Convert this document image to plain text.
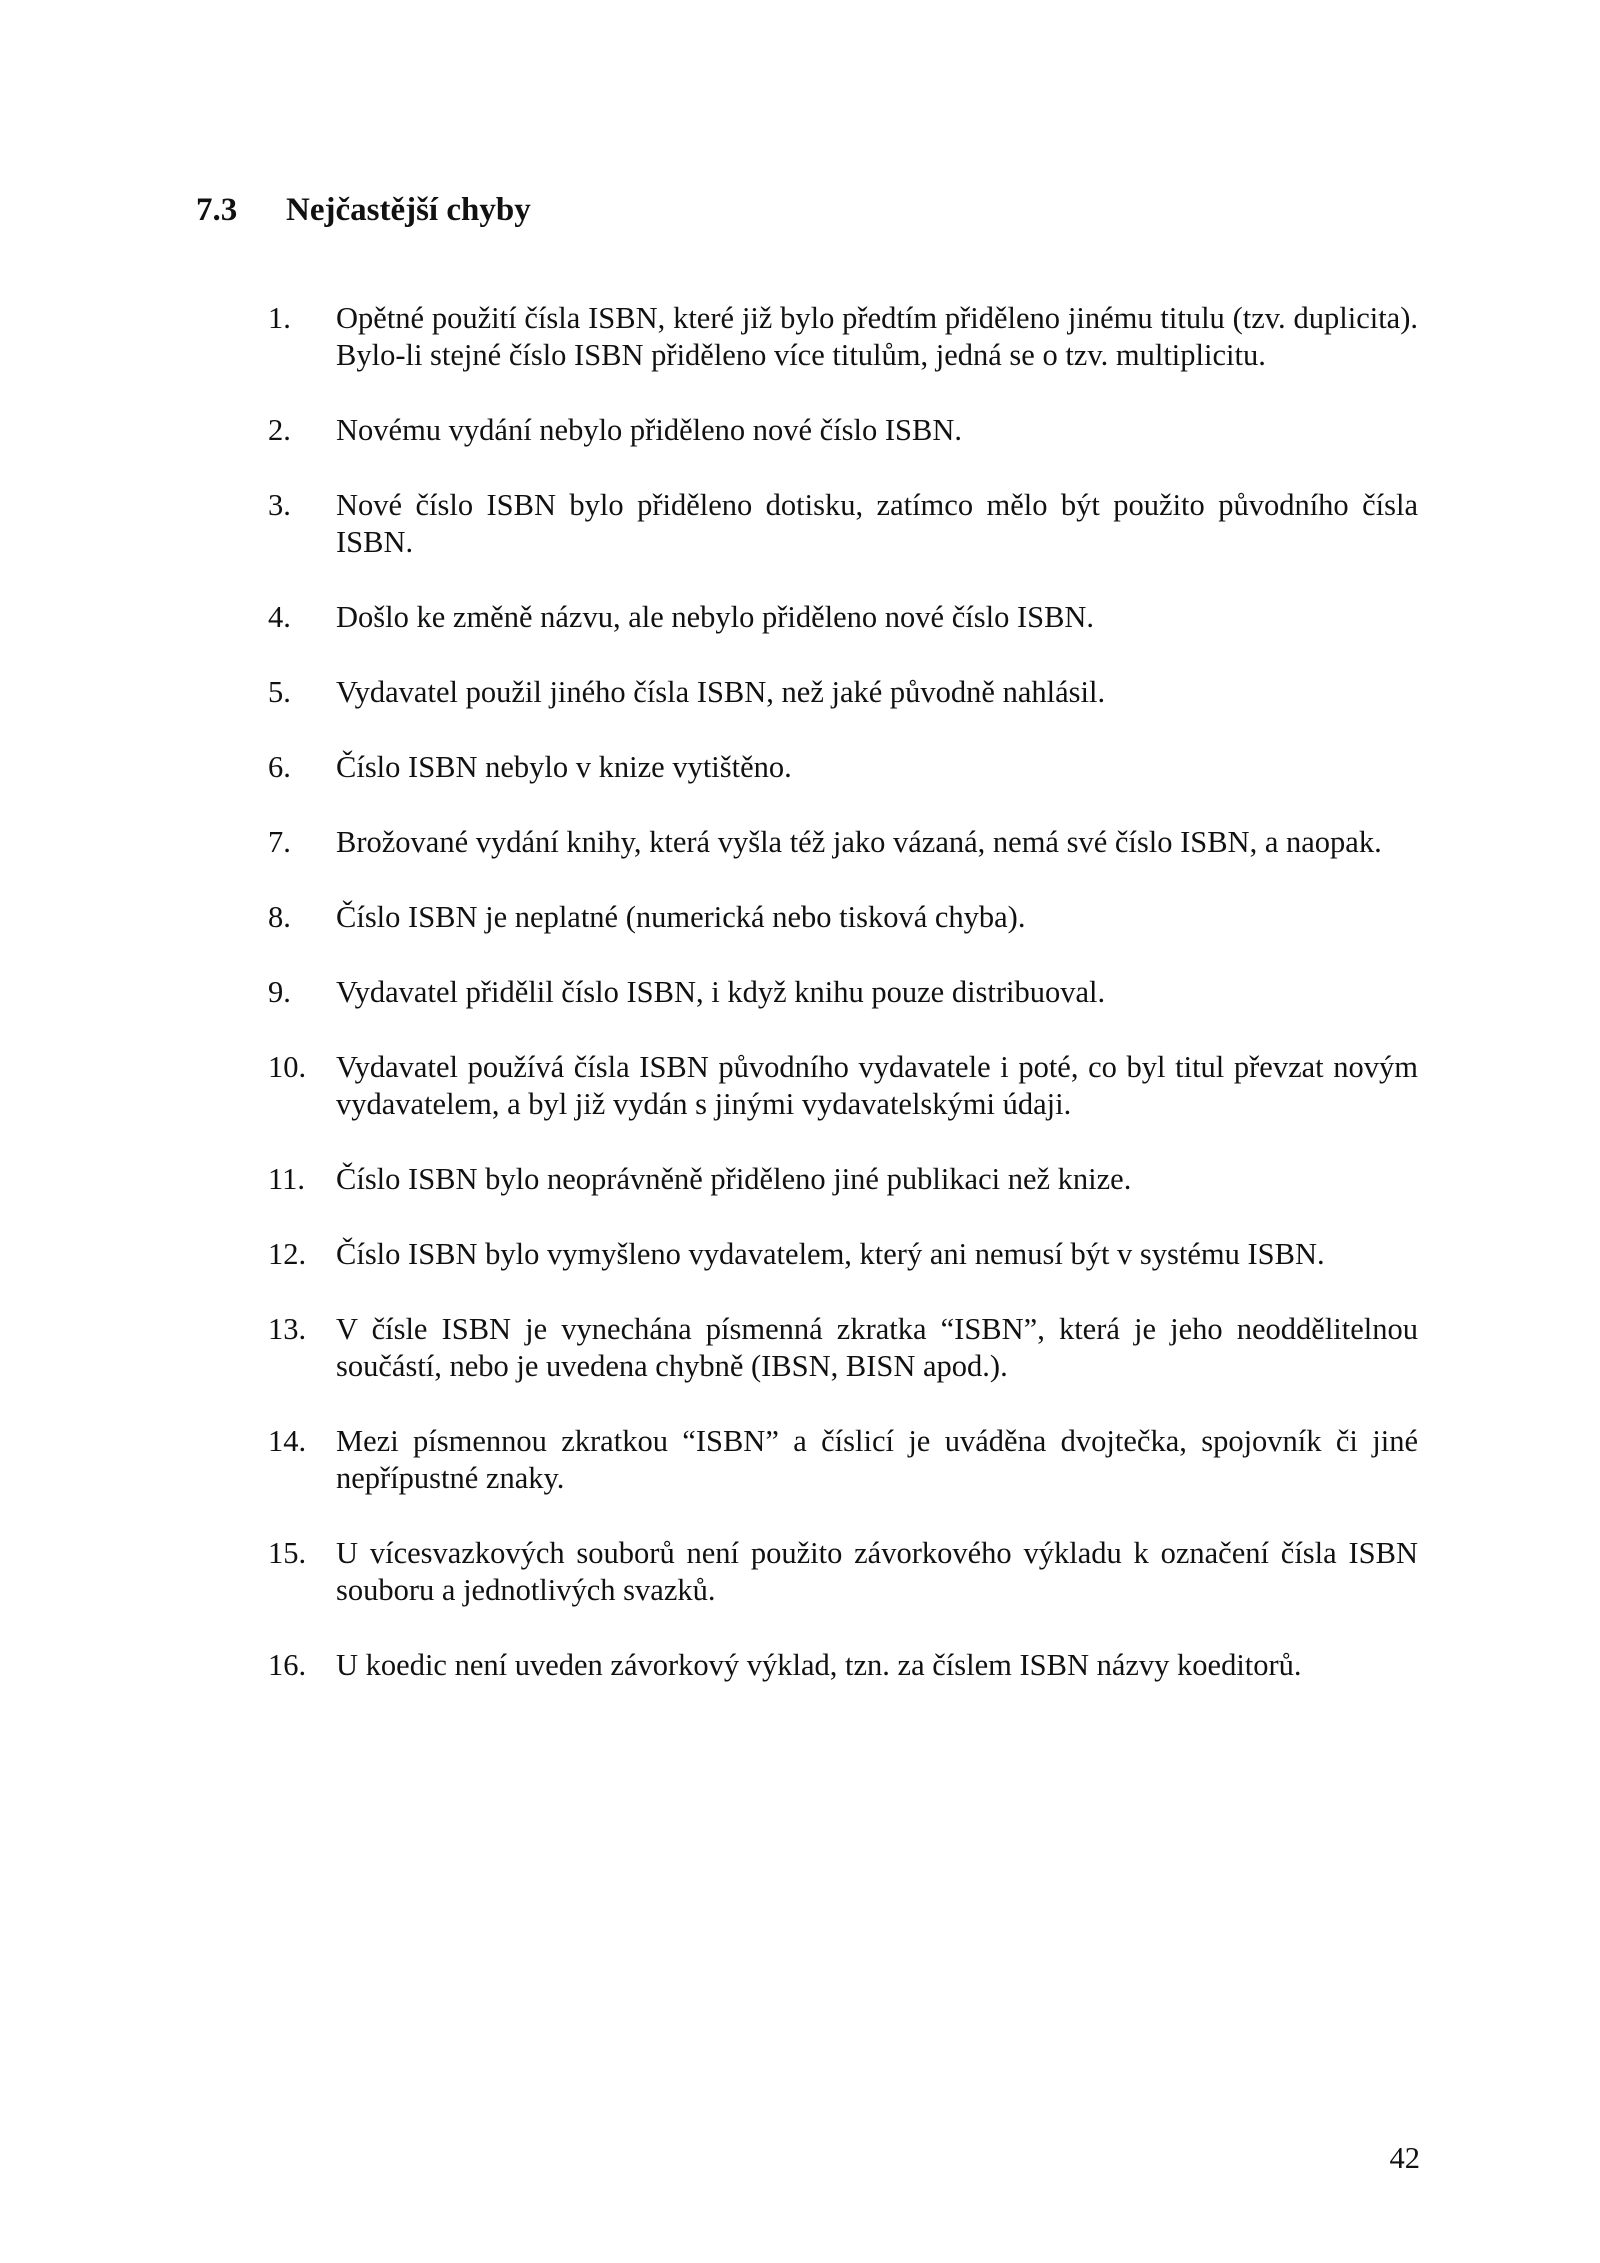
7.3 Nejčastější chyby
1.	Opětné použití čísla ISBN, které již bylo předtím přiděleno jinému titulu (tzv. duplicita). Bylo-li stejné číslo ISBN přiděleno více titulům, jedná se o tzv. multiplicitu.
2.	Novému vydání nebylo přiděleno nové číslo ISBN.
3.	Nové číslo ISBN bylo přiděleno dotisku, zatímco mělo být použito původního čísla ISBN.
4.	Došlo ke změně názvu, ale nebylo přiděleno nové číslo ISBN.
5.	Vydavatel použil jiného čísla ISBN, než jaké původně nahlásil.
6.	Číslo ISBN nebylo v knize vytištěno.
7.	Brožované vydání knihy, která vyšla též jako vázaná, nemá své číslo ISBN, a naopak.
8.	Číslo ISBN je neplatné (numerická nebo tisková chyba).
9.	Vydavatel přidělil číslo ISBN, i když knihu pouze distribuoval.
10. Vydavatel používá čísla ISBN původního vydavatele i poté, co byl titul převzat novým vydavatelem, a byl již vydán s jinými vydavatelskými údaji.
11.	Číslo ISBN bylo neoprávněně přiděleno jiné publikaci než knize.
12. Číslo ISBN bylo vymyšleno vydavatelem, který ani nemusí být v systému ISBN.
13. V čísle ISBN je vynechána písmenná zkratka “ISBN”, která je jeho neoddělitelnou součástí, nebo je uvedena chybně (IBSN, BISN apod.).
14. Mezi písmennou zkratkou “ISBN” a číslicí je uváděna dvojtečka, spojovník či jiné nepřípustné znaky.
15. U vícesvazkových souborů není použito závorkového výkladu k označení čísla ISBN souboru a jednotlivých svazků.
16. U koedic není uveden závorkový výklad, tzn. za číslem ISBN názvy koeditorů.
42
